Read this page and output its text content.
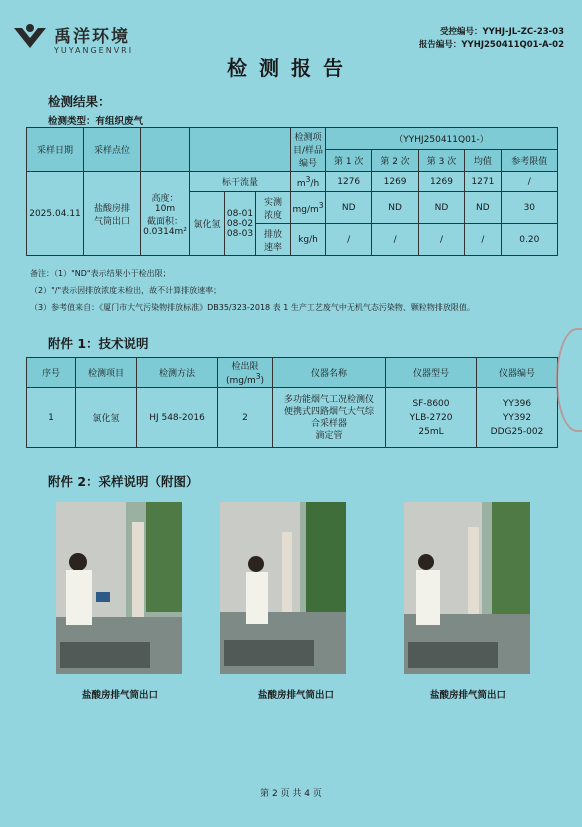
禹洋环境
YUYANGENVRI
受控编号：YYHJ-JL-ZC-23-03
报告编号：YYHJ250411Q01-A-02
检测报告
检测结果：
检测类型：有组织废气
采样日期	采样点位					检测项目/样品编号	（YYHJ250411Q01-）				
							第 1 次	第 2 次	第 3 次	均值	参考限值
2025.04.11	盐酸房排
气筒出口	高度：
10m
截面积：
0.0314m²	标干流量			$m^3/h$	1276	1269	1269	1271	/
			氯化氢	08-01
08-02
08-03	实测
浓度	$mg/m^3$	ND	ND	ND	ND	30
					排放
速率	kg/h	/	/	/	/	0.20
备注：（1）"ND"表示结果小于检出限；
（2）"/"表示因排放浓度未检出，故不计算排放速率；
（3）参考值来自：《厦门市大气污染物排放标准》DB35/323-2018 表 1 生产工艺废气中无机气态污染物、颗粒物排放限值。
附件 1：技术说明
序号	检测项目	检测方法	检出限
$(mg/m^3)$	仪器名称	仪器型号	仪器编号
1	氯化氢	HJ 548-2016	2	多功能烟气工况检测仪
便携式四路烟气大气综
合采样器
滴定管	SF-8600
YLB-2720
25mL	YY396
YY392
DDG25-002
附件 2：采样说明（附图）
盐酸房排气筒出口	盐酸房排气筒出口	盐酸房排气筒出口
第 2 页 共 4 页
